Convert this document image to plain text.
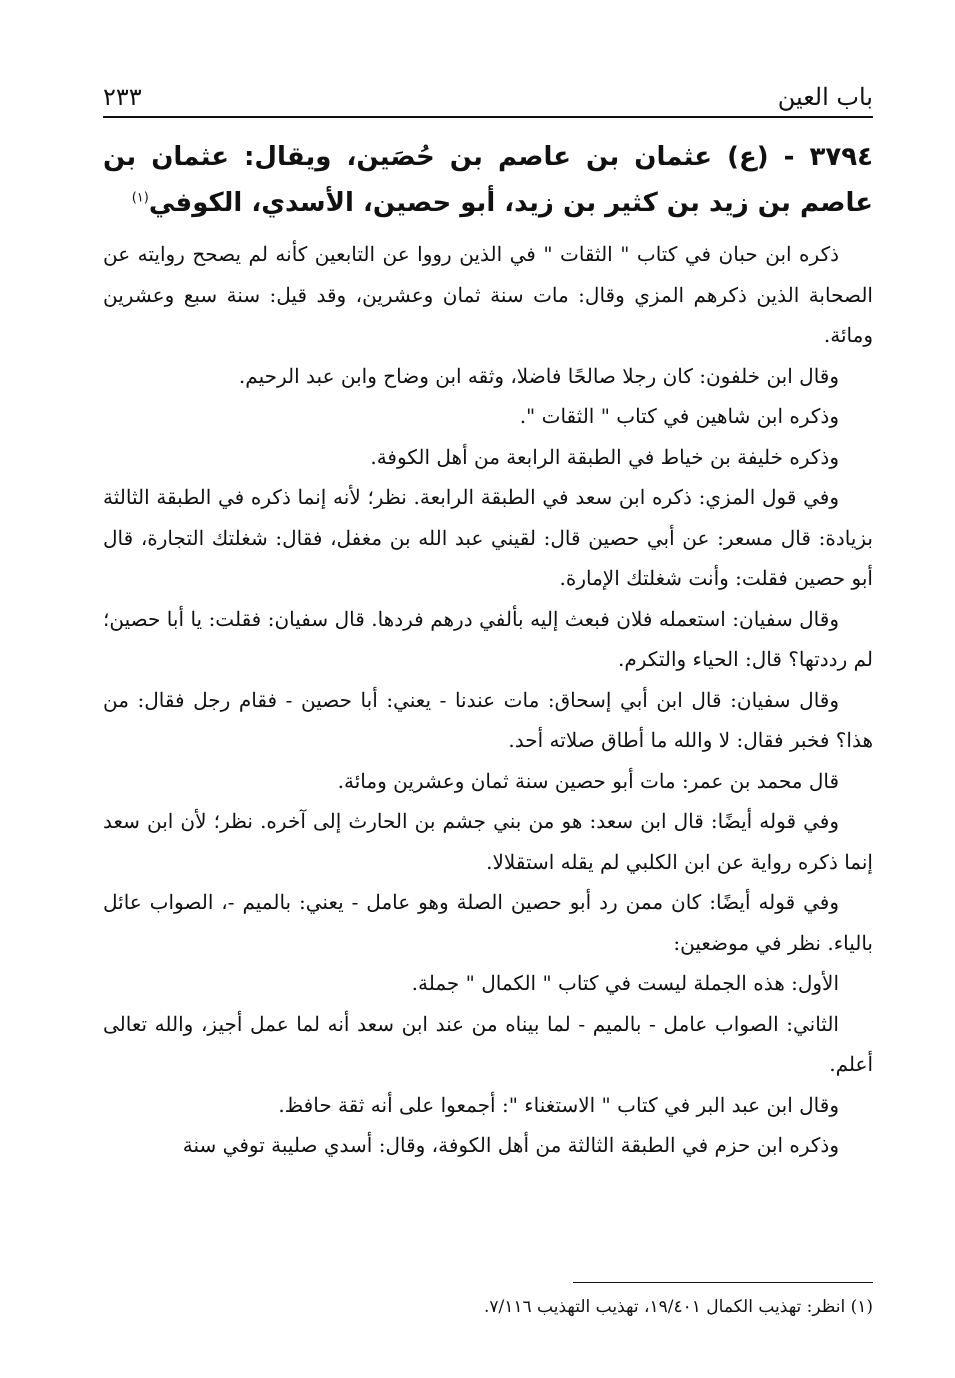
باب العين
٢٣٣
٣٧٩٤ - (ع) عثمان بن عاصم بن حُصَين، ويقال: عثمان بن عاصم بن زيد بن كثير بن زيد، أبو حصين، الأسدي، الكوفي$^{(١)}$

ذكره ابن حبان في كتاب " الثقات " في الذين رووا عن التابعين كأنه لم يصحح روايته عن الصحابة الذين ذكرهم المزي وقال: مات سنة ثمان وعشرين، وقد قيل: سنة سبع وعشرين ومائة.

وقال ابن خلفون: كان رجلا صالحًا فاضلا، وثقه ابن وضاح وابن عبد الرحيم.

وذكره ابن شاهين في كتاب " الثقات ".

وذكره خليفة بن خياط في الطبقة الرابعة من أهل الكوفة.

وفي قول المزي: ذكره ابن سعد في الطبقة الرابعة. نظر؛ لأنه إنما ذكره في الطبقة الثالثة بزيادة: قال مسعر: عن أبي حصين قال: لقيني عبد الله بن مغفل، فقال: شغلتك التجارة، قال أبو حصين فقلت: وأنت شغلتك الإمارة.

وقال سفيان: استعمله فلان فبعث إليه بألفي درهم فردها. قال سفيان: فقلت: يا أبا حصين؛ لم رددتها؟ قال: الحياء والتكرم.

وقال سفيان: قال ابن أبي إسحاق: مات عندنا - يعني: أبا حصين - فقام رجل فقال: من هذا؟ فخبر فقال: لا والله ما أطاق صلاته أحد.

قال محمد بن عمر: مات أبو حصين سنة ثمان وعشرين ومائة.

وفي قوله أيضًا: قال ابن سعد: هو من بني جشم بن الحارث إلى آخره. نظر؛ لأن ابن سعد إنما ذكره رواية عن ابن الكلبي لم يقله استقلالا.

وفي قوله أيضًا: كان ممن رد أبو حصين الصلة وهو عامل - يعني: بالميم -، الصواب عائل بالياء. نظر في موضعين:

الأول: هذه الجملة ليست في كتاب " الكمال " جملة.

الثاني: الصواب عامل - بالميم - لما بيناه من عند ابن سعد أنه لما عمل أجيز، والله تعالى أعلم.

وقال ابن عبد البر في كتاب " الاستغناء ": أجمعوا على أنه ثقة حافظ.

وذكره ابن حزم في الطبقة الثالثة من أهل الكوفة، وقال: أسدي صليبة توفي سنة

(١) انظر: تهذيب الكمال ١٩/٤٠١، تهذيب التهذيب ٧/١١٦.
